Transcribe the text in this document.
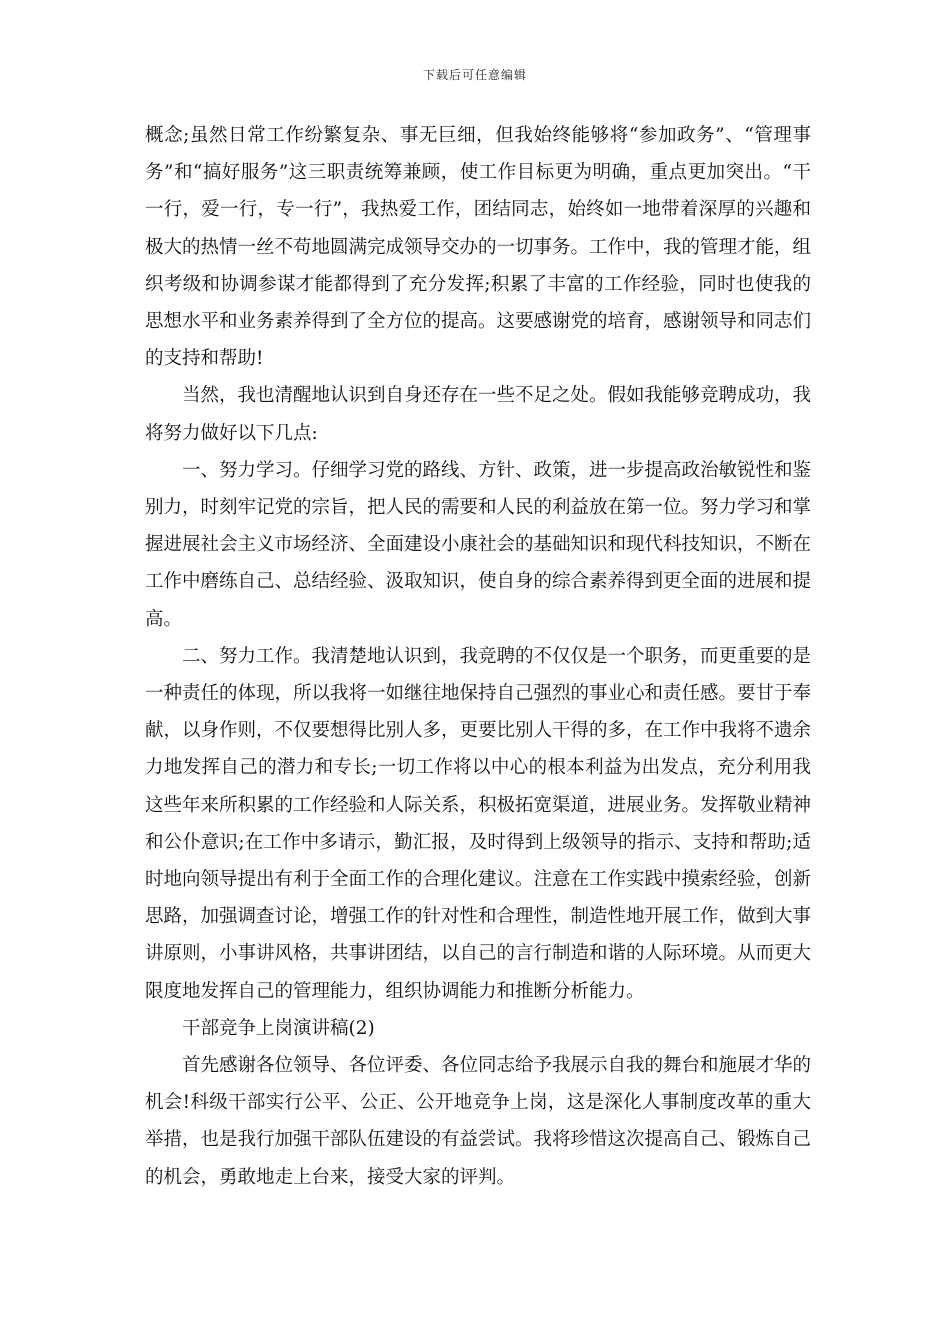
下载后可任意编辑

概念;虽然日常工作纷繁复杂、事无巨细，但我始终能够将“参加政务”、“管理事务”和“搞好服务”这三职责统筹兼顾，使工作目标更为明确，重点更加突出。“干一行，爱一行，专一行”，我热爱工作，团结同志，始终如一地带着深厚的兴趣和极大的热情一丝不苟地圆满完成领导交办的一切事务。工作中，我的管理才能，组织考级和协调参谋才能都得到了充分发挥;积累了丰富的工作经验，同时也使我的思想水平和业务素养得到了全方位的提高。这要感谢党的培育，感谢领导和同志们的支持和帮助!

当然，我也清醒地认识到自身还存在一些不足之处。假如我能够竞聘成功，我将努力做好以下几点:

一、努力学习。仔细学习党的路线、方针、政策，进一步提高政治敏锐性和鉴别力，时刻牢记党的宗旨，把人民的需要和人民的利益放在第一位。努力学习和掌握进展社会主义市场经济、全面建设小康社会的基础知识和现代科技知识，不断在工作中磨练自己、总结经验、汲取知识，使自身的综合素养得到更全面的进展和提高。

二、努力工作。我清楚地认识到，我竞聘的不仅仅是一个职务，而更重要的是一种责任的体现，所以我将一如继往地保持自己强烈的事业心和责任感。要甘于奉献，以身作则，不仅要想得比别人多，更要比别人干得的多，在工作中我将不遗余力地发挥自己的潜力和专长;一切工作将以中心的根本利益为出发点，充分利用我这些年来所积累的工作经验和人际关系，积极拓宽渠道，进展业务。发挥敬业精神和公仆意识;在工作中多请示，勤汇报，及时得到上级领导的指示、支持和帮助;适时地向领导提出有利于全面工作的合理化建议。注意在工作实践中摸索经验，创新思路，加强调查讨论，增强工作的针对性和合理性，制造性地开展工作，做到大事讲原则，小事讲风格，共事讲团结，以自己的言行制造和谐的人际环境。从而更大限度地发挥自己的管理能力，组织协调能力和推断分析能力。

干部竞争上岗演讲稿(2)

首先感谢各位领导、各位评委、各位同志给予我展示自我的舞台和施展才华的机会!科级干部实行公平、公正、公开地竞争上岗，这是深化人事制度改革的重大举措，也是我行加强干部队伍建设的有益尝试。我将珍惜这次提高自己、锻炼自己的机会，勇敢地走上台来，接受大家的评判。
